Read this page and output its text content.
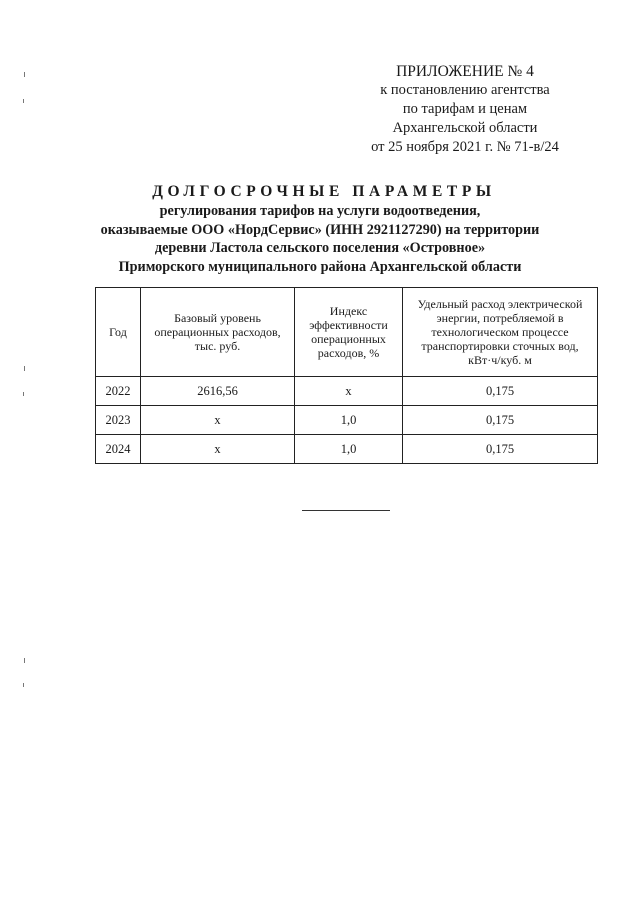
ПРИЛОЖЕНИЕ № 4
к постановлению агентства
по тарифам и ценам
Архангельской области
от 25 ноября 2021 г. № 71-в/24
ДОЛГОСРОЧНЫЕ ПАРАМЕТРЫ
регулирования тарифов на услуги водоотведения,
оказываемые ООО «НордСервис» (ИНН 2921127290) на территории
деревни Ластола сельского поселения «Островное»
Приморского муниципального района Архангельской области
Год	Базовый уровень операционных расходов, тыс. руб.	Индекс эффективности операционных расходов, %	Удельный расход электрической энергии, потребляемой в технологическом процессе транспортировки сточных вод, кВт·ч/куб. м
2022	2616,56	х	0,175
2023	х	1,0	0,175
2024	х	1,0	0,175
